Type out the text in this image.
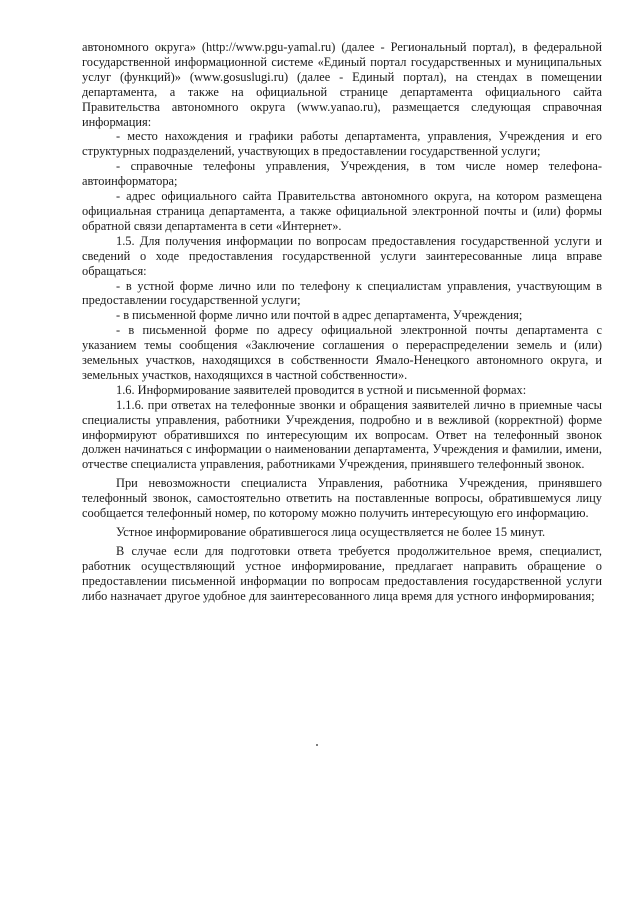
автономного округа» (http://www.pgu-yamal.ru) (далее - Региональный портал), в федеральной государственной информационной системе «Единый портал государственных и муниципальных услуг (функций)» (www.gosuslugi.ru) (далее - Единый портал), на стендах в помещении департамента, а также на официальной странице департамента официального сайта Правительства автономного округа (www.yanao.ru), размещается следующая справочная информация:

- место нахождения и графики работы департамента, управления, Учреждения и его структурных подразделений, участвующих в предоставлении государственной услуги;

- справочные телефоны управления, Учреждения, в том числе номер телефона-автоинформатора;

- адрес официального сайта Правительства автономного округа, на котором размещена официальная страница департамента, а также официальной электронной почты и (или) формы обратной связи департамента в сети «Интернет».

1.5. Для получения информации по вопросам предоставления государственной услуги и сведений о ходе предоставления государственной услуги заинтересованные лица вправе обращаться:

- в устной форме лично или по телефону к специалистам управления, участвующим в предоставлении государственной услуги;

- в письменной форме лично или почтой в адрес департамента, Учреждения;

- в письменной форме по адресу официальной электронной почты департамента с указанием темы сообщения «Заключение соглашения о перераспределении земель и (или) земельных участков, находящихся в собственности Ямало-Ненецкого автономного округа, и земельных участков, находящихся в частной собственности».

1.6. Информирование заявителей проводится в устной и письменной формах:

1.1.6. при ответах на телефонные звонки и обращения заявителей лично в приемные часы специалисты управления, работники Учреждения, подробно и в вежливой (корректной) форме информируют обратившихся по интересующим их вопросам. Ответ на телефонный звонок должен начинаться с информации о наименовании департамента, Учреждения и фамилии, имени, отчестве специалиста управления, работниками Учреждения, принявшего телефонный звонок.

При невозможности специалиста Управления, работника Учреждения, принявшего телефонный звонок, самостоятельно ответить на поставленные вопросы, обратившемуся лицу сообщается телефонный номер, по которому можно получить интересующую его информацию.

Устное информирование обратившегося лица осуществляется не более 15 минут.

В случае если для подготовки ответа требуется продолжительное время, специалист, работник осуществляющий устное информирование, предлагает направить обращение о предоставлении письменной информации по вопросам предоставления государственной услуги либо назначает другое удобное для заинтересованного лица время для устного информирования;
